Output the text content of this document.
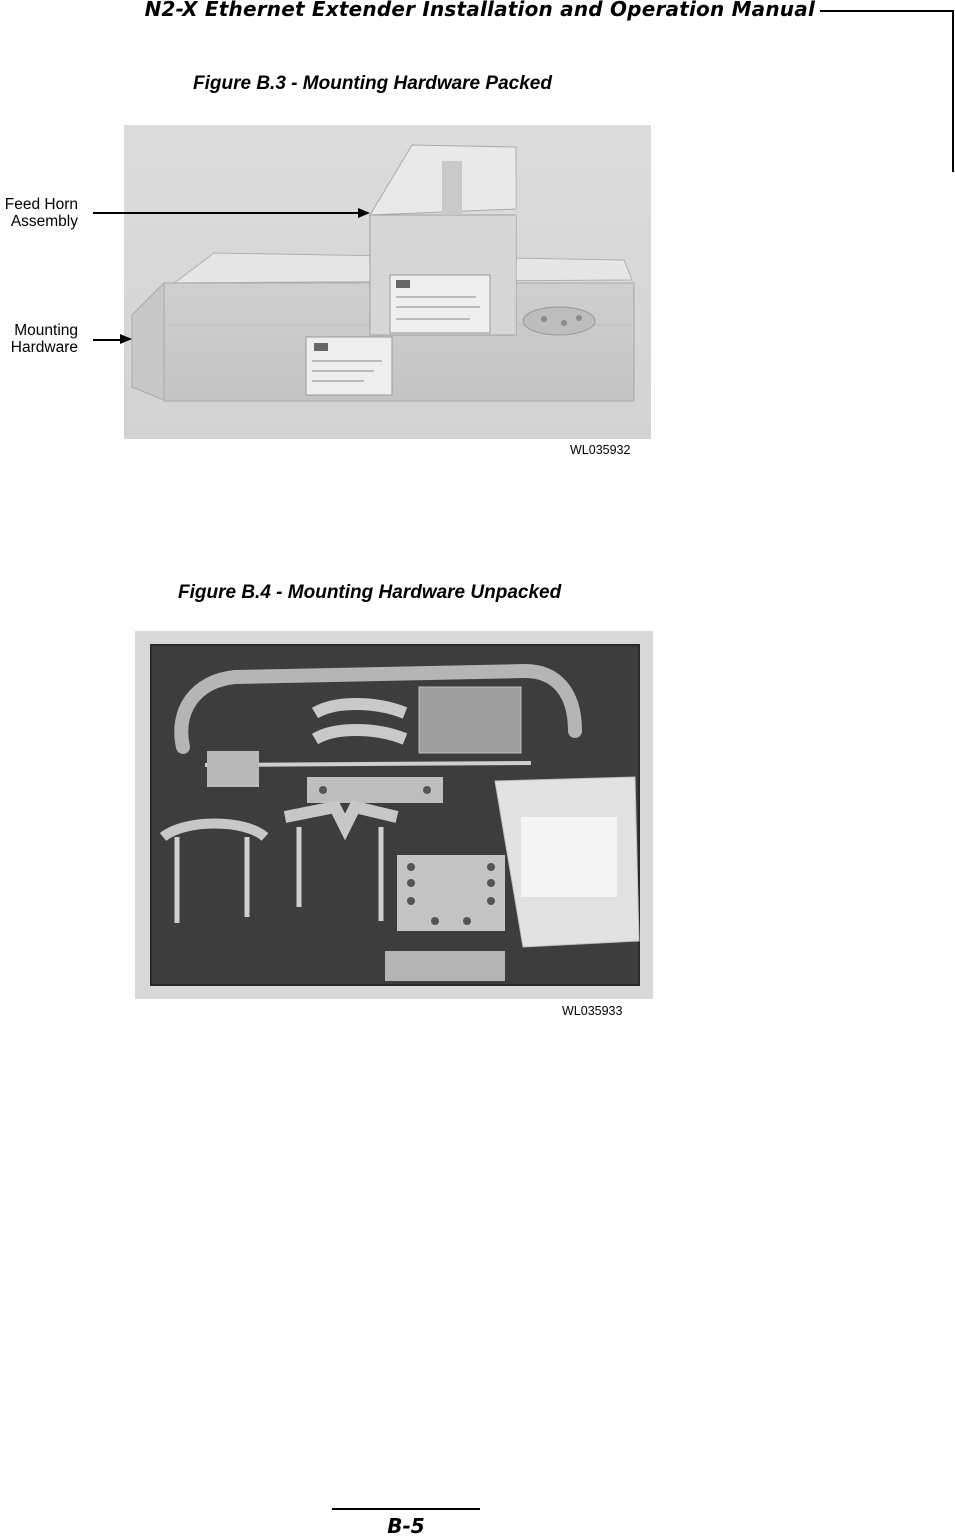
N2-X Ethernet Extender Installation and Operation Manual
Figure B.3 - Mounting Hardware Packed
Feed Horn
Assembly
Mounting
Hardware
WL035932
Figure B.4 - Mounting Hardware Unpacked
WL035933
B-5
